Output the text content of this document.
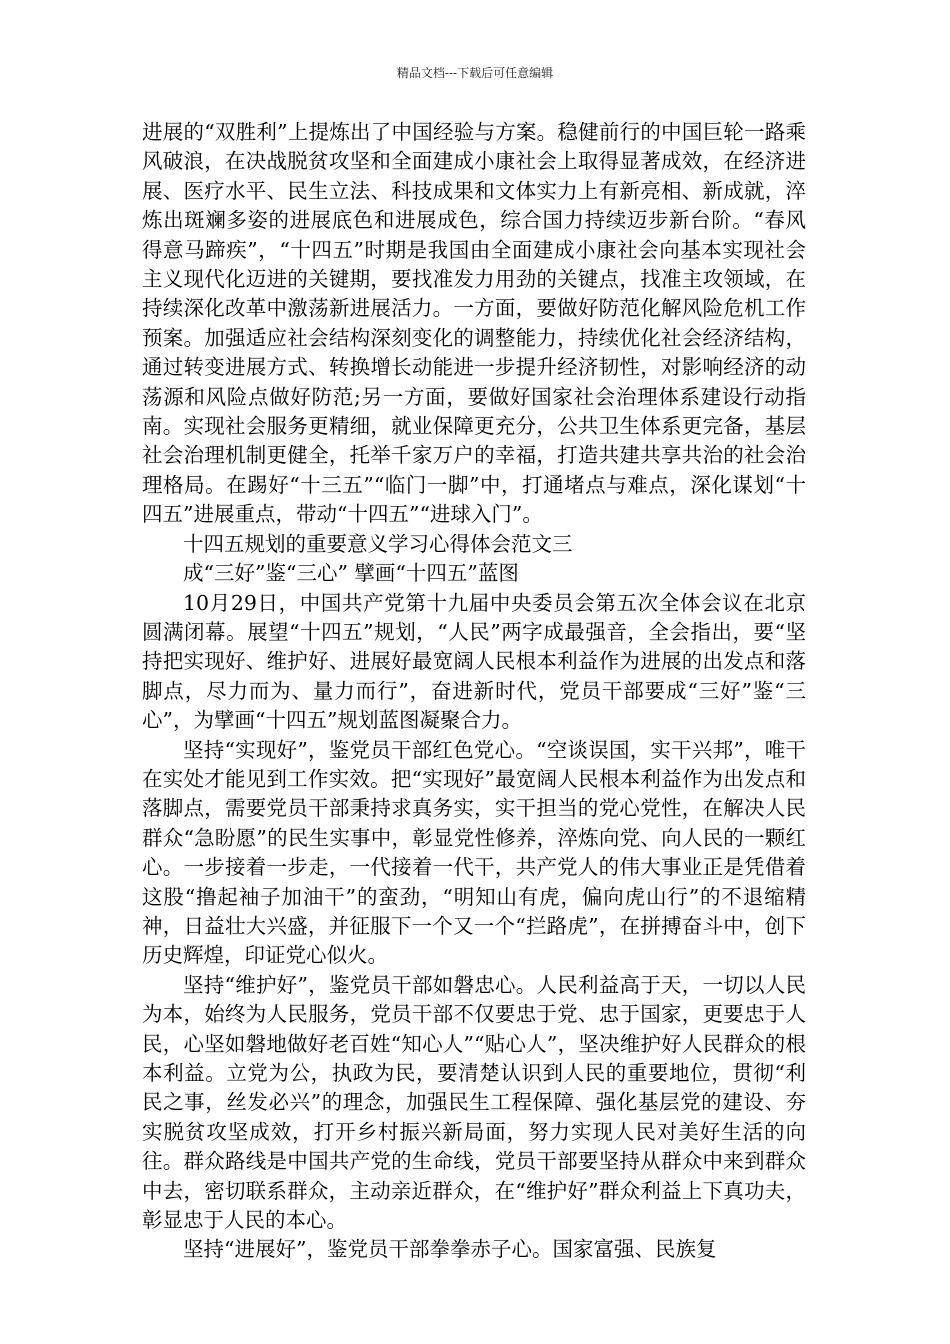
精品文档---下载后可任意编辑

进展的“双胜利”上提炼出了中国经验与方案。稳健前行的中国巨轮一路乘风破浪，在决战脱贫攻坚和全面建成小康社会上取得显著成效，在经济进展、医疗水平、民生立法、科技成果和文体实力上有新亮相、新成就，淬炼出斑斓多姿的进展底色和进展成色，综合国力持续迈步新台阶。“春风得意马蹄疾”，“十四五”时期是我国由全面建成小康社会向基本实现社会主义现代化迈进的关键期，要找准发力用劲的关键点，找准主攻领域，在持续深化改革中激荡新进展活力。一方面，要做好防范化解风险危机工作预案。加强适应社会结构深刻变化的调整能力，持续优化社会经济结构，通过转变进展方式、转换增长动能进一步提升经济韧性，对影响经济的动荡源和风险点做好防范;另一方面，要做好国家社会治理体系建设行动指南。实现社会服务更精细，就业保障更充分，公共卫生体系更完备，基层社会治理机制更健全，托举千家万户的幸福，打造共建共享共治的社会治理格局。在踢好“十三五”“临门一脚”中，打通堵点与难点，深化谋划“十四五”进展重点，带动“十四五”“进球入门”。

十四五规划的重要意义学习心得体会范文三

成“三好”鉴“三心” 擘画“十四五”蓝图

10月29日，中国共产党第十九届中央委员会第五次全体会议在北京圆满闭幕。展望“十四五”规划，“人民”两字成最强音，全会指出，要“坚持把实现好、维护好、进展好最宽阔人民根本利益作为进展的出发点和落脚点，尽力而为、量力而行”，奋进新时代，党员干部要成“三好”鉴“三心”，为擘画“十四五”规划蓝图凝聚合力。

坚持“实现好”，鉴党员干部红色党心。“空谈误国，实干兴邦”，唯干在实处才能见到工作实效。把“实现好”最宽阔人民根本利益作为出发点和落脚点，需要党员干部秉持求真务实，实干担当的党心党性，在解决人民群众“急盼愿”的民生实事中，彰显党性修养，淬炼向党、向人民的一颗红心。一步接着一步走，一代接着一代干，共产党人的伟大事业正是凭借着这股“撸起袖子加油干”的蛮劲，“明知山有虎，偏向虎山行”的不退缩精神，日益壮大兴盛，并征服下一个又一个“拦路虎”，在拼搏奋斗中，创下历史辉煌，印证党心似火。

坚持“维护好”，鉴党员干部如磐忠心。人民利益高于天，一切以人民为本，始终为人民服务，党员干部不仅要忠于党、忠于国家，更要忠于人民，心坚如磐地做好老百姓“知心人”“贴心人”，坚决维护好人民群众的根本利益。立党为公，执政为民，要清楚认识到人民的重要地位，贯彻“利民之事，丝发必兴”的理念，加强民生工程保障、强化基层党的建设、夯实脱贫攻坚成效，打开乡村振兴新局面，努力实现人民对美好生活的向往。群众路线是中国共产党的生命线，党员干部要坚持从群众中来到群众中去，密切联系群众，主动亲近群众，在“维护好”群众利益上下真功夫，彰显忠于人民的本心。

坚持“进展好”，鉴党员干部拳拳赤子心。国家富强、民族复
